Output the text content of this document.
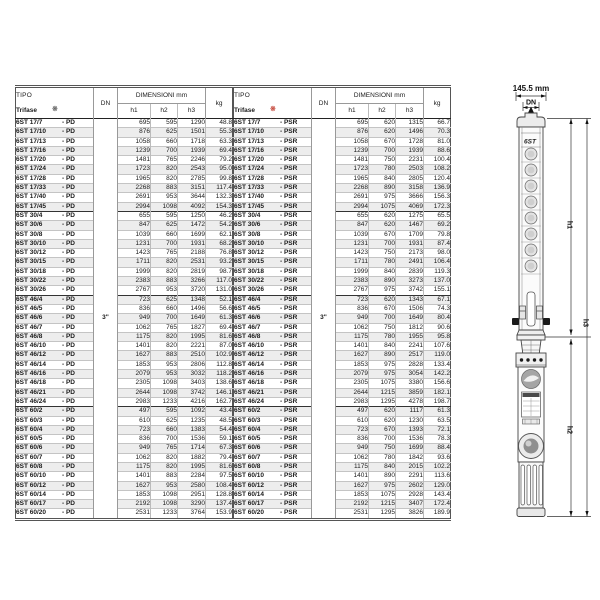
TIPO	DN	DIMENSIONI mm			kg
Trifase ※		h1	h2	h3	
6ST 17/7 - PD	3"	695	595	1290	48.8
6ST 17/10 - PD		876	625	1501	55.3
6ST 17/13 - PD		1058	660	1718	63.3
6ST 17/16 - PD		1239	700	1939	69.4
6ST 17/20 - PD		1481	765	2246	79.2
6ST 17/24 - PD		1723	820	2543	95.0
6ST 17/28 - PD		1965	820	2785	99.8
6ST 17/33 - PD		2268	883	3151	117.4
6ST 17/40 - PD		2691	953	3644	132.3
6ST 17/45 - PD		2994	1098	4092	154.3
6ST 30/4 - PD		655	595	1250	46.2
6ST 30/6 - PD		847	625	1472	54.2
6ST 30/8 - PD		1039	660	1699	62.1
6ST 30/10 - PD		1231	700	1931	68.2
6ST 30/12 - PD		1423	765	2188	76.8
6ST 30/15 - PD		1711	820	2531	93.2
6ST 30/18 - PD		1999	820	2819	98.7
6ST 30/22 - PD		2383	883	3266	117.0
6ST 30/26 - PD		2767	953	3720	131.0
6ST 46/4 - PD		723	625	1348	52.1
6ST 46/5 - PD		836	660	1496	56.6
6ST 46/6 - PD		949	700	1649	61.3
6ST 46/7 - PD		1062	765	1827	69.4
6ST 46/8 - PD		1175	820	1995	81.6
6ST 46/10 - PD		1401	820	2221	87.0
6ST 46/12 - PD		1627	883	2510	102.9
6ST 46/14 - PD		1853	953	2806	112.8
6ST 46/16 - PD		2079	953	3032	118.2
6ST 46/18 - PD		2305	1098	3403	138.6
6ST 46/21 - PD		2644	1098	3742	146.1
6ST 46/24 - PD		2983	1233	4216	162.7
6ST 60/2 - PD		497	595	1092	43.4
6ST 60/3 - PD		610	625	1235	48.5
6ST 60/4 - PD		723	660	1383	54.4
6ST 60/5 - PD		836	700	1536	59.1
6ST 60/6 - PD		949	765	1714	67.3
6ST 60/7 - PD		1062	820	1882	79.4
6ST 60/8 - PD		1175	820	1995	81.6
6ST 60/10 - PD		1401	883	2284	97.5
6ST 60/12 - PD		1627	953	2580	108.4
6ST 60/14 - PD		1853	1098	2951	128.8
6ST 60/17 - PD		2192	1098	3290	137.4
6ST 60/20 - PD		2531	1233	3764	153.9
TIPO	DN	DIMENSIONI mm			kg
Trifase ※		h1	h2	h3	
6ST 17/7 - PSR	3"	695	620	1315	66.7
6ST 17/10 - PSR		876	620	1496	70.3
6ST 17/13 - PSR		1058	670	1728	81.0
6ST 17/16 - PSR		1239	700	1939	88.6
6ST 17/20 - PSR		1481	750	2231	100.4
6ST 17/24 - PSR		1723	780	2503	108.2
6ST 17/28 - PSR		1965	840	2805	120.4
6ST 17/33 - PSR		2268	890	3158	136.9
6ST 17/40 - PSR		2691	975	3666	156.3
6ST 17/45 - PSR		2994	1075	4069	172.3
6ST 30/4 - PSR		655	620	1275	65.5
6ST 30/6 - PSR		847	620	1467	69.2
6ST 30/8 - PSR		1039	670	1709	79.8
6ST 30/10 - PSR		1231	700	1931	87.4
6ST 30/12 - PSR		1423	750	2173	98.0
6ST 30/15 - PSR		1711	780	2491	106.4
6ST 30/18 - PSR		1999	840	2839	119.3
6ST 30/22 - PSR		2383	890	3273	137.0
6ST 30/26 - PSR		2767	975	3742	155.1
6ST 46/4 - PSR		723	620	1343	67.1
6ST 46/5 - PSR		836	670	1506	74.3
6ST 46/6 - PSR		949	700	1649	80.4
6ST 46/7 - PSR		1062	750	1812	90.6
6ST 46/8 - PSR		1175	780	1955	95.8
6ST 46/10 - PSR		1401	840	2241	107.6
6ST 46/12 - PSR		1627	890	2517	119.0
6ST 46/14 - PSR		1853	975	2828	133.4
6ST 46/16 - PSR		2079	975	3054	142.2
6ST 46/18 - PSR		2305	1075	3380	156.6
6ST 46/21 - PSR		2644	1215	3859	182.1
6ST 46/24 - PSR		2983	1295	4278	198.7
6ST 60/2 - PSR		497	620	1117	61.3
6ST 60/3 - PSR		610	620	1230	63.5
6ST 60/4 - PSR		723	670	1393	72.1
6ST 60/5 - PSR		836	700	1536	78.3
6ST 60/6 - PSR		949	750	1699	88.4
6ST 60/7 - PSR		1062	780	1842	93.6
6ST 60/8 - PSR		1175	840	2015	102.2
6ST 60/10 - PSR		1401	890	2291	113.6
6ST 60/12 - PSR		1627	975	2602	129.0
6ST 60/14 - PSR		1853	1075	2928	143.4
6ST 60/17 - PSR		2192	1215	3407	172.4
6ST 60/20 - PSR		2531	1295	3826	189.9
145.5 mm
DN
6ST
h1
h2
h3
